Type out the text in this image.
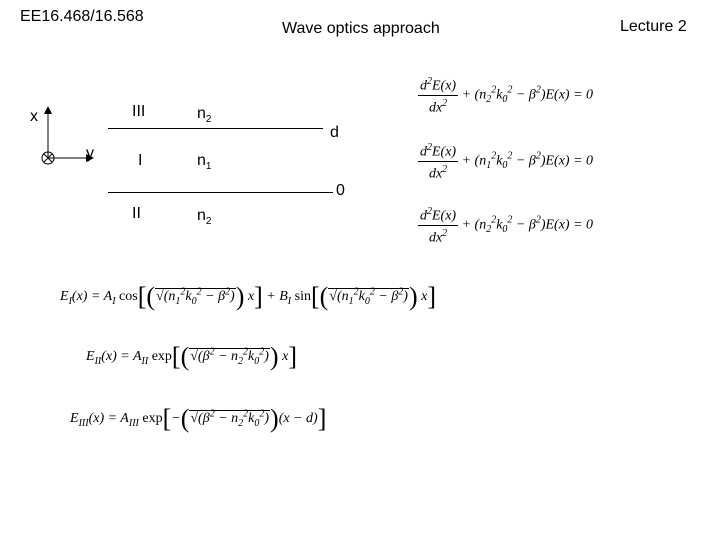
EE16.468/16.568
Wave optics approach	Lecture 2
x
y
III	$n_2$
d
I	$n_1$
0
II	$n_2$
$\frac{d^2E(x)}{dx^2} + (n_2^2k_0^2 - \beta^2)E(x) = 0$
$\frac{d^2E(x)}{dx^2} + (n_1^2k_0^2 - \beta^2)E(x) = 0$
$\frac{d^2E(x)}{dx^2} + (n_2^2k_0^2 - \beta^2)E(x) = 0$
$E_I(x) = A_I$ $\cos[(√(n_1^2k_0^2 - \beta^2)) x] + B_I$ $\sin[(√(n_1^2k_0^2 - \beta^2))$ x]
$E_{II}(x) = A_{II}$ $\exp[(√(\beta^2 - n_2^2k_0^2))$ x]
$E_{III}(x) = A_{III}$ $\exp[-(√(\beta^2 - n_2^2k_0^2))(x - d)]$
